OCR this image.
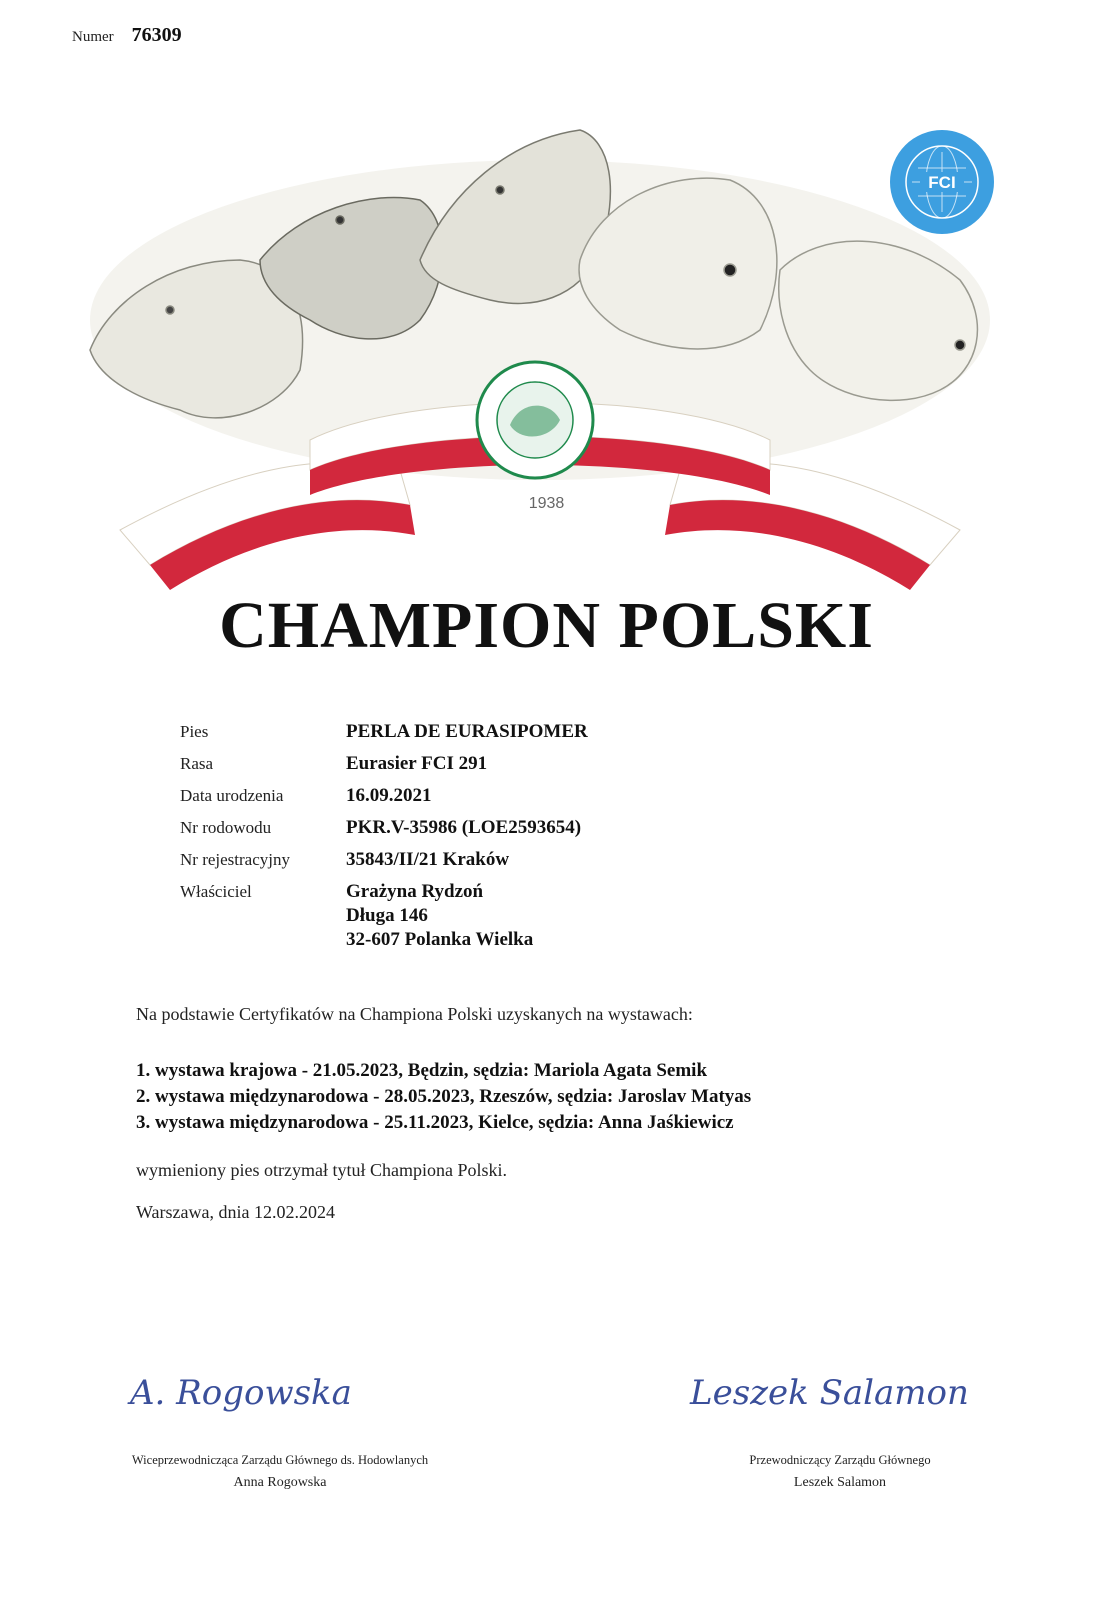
Numer 76309
1938
FCI
CHAMPION POLSKI
Pies	PERLA DE EURASIPOMER
Rasa	Eurasier FCI 291
Data urodzenia	16.09.2021
Nr rodowodu	PKR.V-35986 (LOE2593654)
Nr rejestracyjny	35843/II/21 Kraków
Właściciel	Grażyna Rydzoń
Długa 146
32-607 Polanka Wielka
Na podstawie Certyfikatów na Championa Polski uzyskanych na wystawach:
1. wystawa krajowa - 21.05.2023, Będzin, sędzia: Mariola Agata Semik
2. wystawa międzynarodowa - 28.05.2023, Rzeszów, sędzia: Jaroslav Matyas
3. wystawa międzynarodowa - 25.11.2023, Kielce, sędzia: Anna Jaśkiewicz
wymieniony pies otrzymał tytuł Championa Polski.
Warszawa, dnia 12.02.2024
A. Rogowska	Leszek Salamon
Wiceprzewodnicząca Zarządu Głównego ds. Hodowlanych
Anna Rogowska
Przewodniczący Zarządu Głównego
Leszek Salamon
